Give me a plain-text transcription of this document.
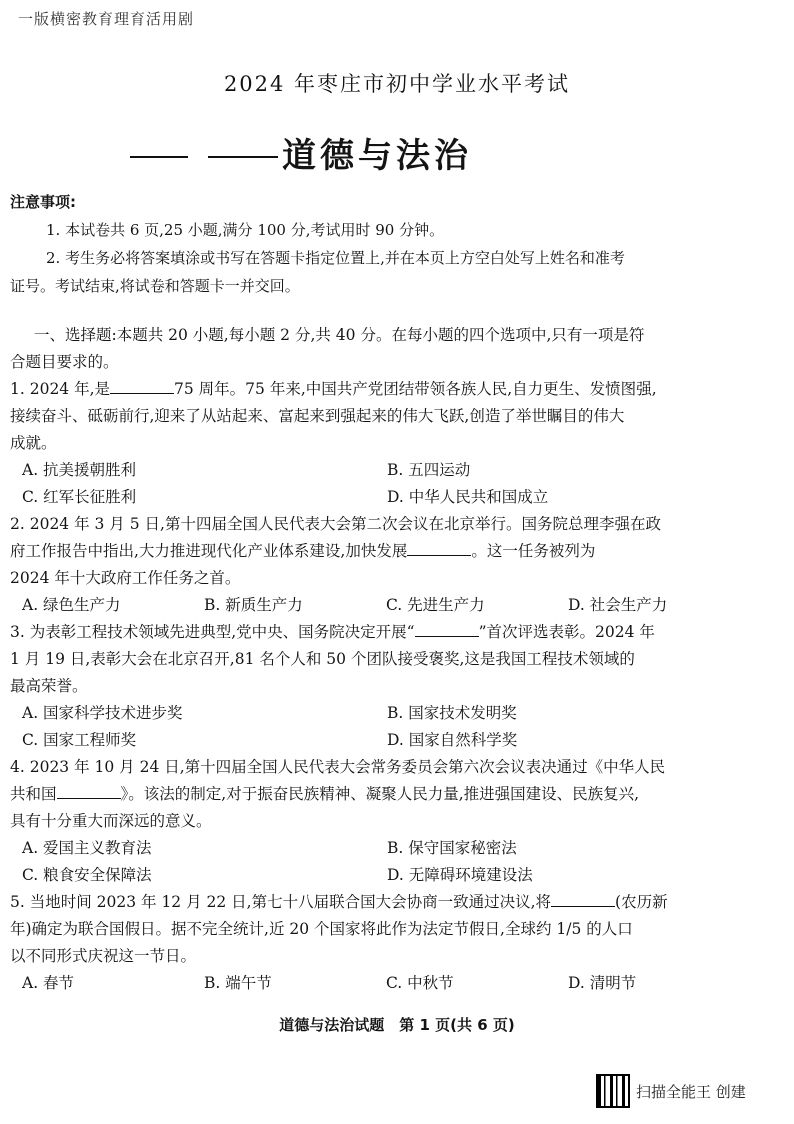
一版横密教育理育活用剧
2024 年枣庄市初中学业水平考试
道德与法治
注意事项:
1. 本试卷共 6 页,25 小题,满分 100 分,考试用时 90 分钟。
2. 考生务必将答案填涂或书写在答题卡指定位置上,并在本页上方空白处写上姓名和准考
证号。考试结束,将试卷和答题卡一并交回。
一、选择题:本题共 20 小题,每小题 2 分,共 40 分。在每小题的四个选项中,只有一项是符
合题目要求的。
1. 2024 年,是	75 周年。75 年来,中国共产党团结带领各族人民,自力更生、发愤图强,
接续奋斗、砥砺前行,迎来了从站起来、富起来到强起来的伟大飞跃,创造了举世瞩目的伟大
成就。
A. 抗美援朝胜利	B. 五四运动
C. 红军长征胜利	D. 中华人民共和国成立
2. 2024 年 3 月 5 日,第十四届全国人民代表大会第二次会议在北京举行。国务院总理李强在政
府工作报告中指出,大力推进现代化产业体系建设,加快发展	。这一任务被列为
2024 年十大政府工作任务之首。
A. 绿色生产力	B. 新质生产力	C. 先进生产力	D. 社会生产力
3. 为表彰工程技术领域先进典型,党中央、国务院决定开展“	”首次评选表彰。2024 年
1 月 19 日,表彰大会在北京召开,81 名个人和 50 个团队接受褒奖,这是我国工程技术领域的
最高荣誉。
A. 国家科学技术进步奖	B. 国家技术发明奖
C. 国家工程师奖	D. 国家自然科学奖
4. 2023 年 10 月 24 日,第十四届全国人民代表大会常务委员会第六次会议表决通过《中华人民
共和国	》。该法的制定,对于振奋民族精神、凝聚人民力量,推进强国建设、民族复兴,
具有十分重大而深远的意义。
A. 爱国主义教育法	B. 保守国家秘密法
C. 粮食安全保障法	D. 无障碍环境建设法
5. 当地时间 2023 年 12 月 22 日,第七十八届联合国大会协商一致通过决议,将	(农历新
年)确定为联合国假日。据不完全统计,近 20 个国家将此作为法定节假日,全球约 1/5 的人口
以不同形式庆祝这一节日。
A. 春节	B. 端午节	C. 中秋节	D. 清明节
道德与法治试题　第 1 页(共 6 页)
扫描全能王 创建
